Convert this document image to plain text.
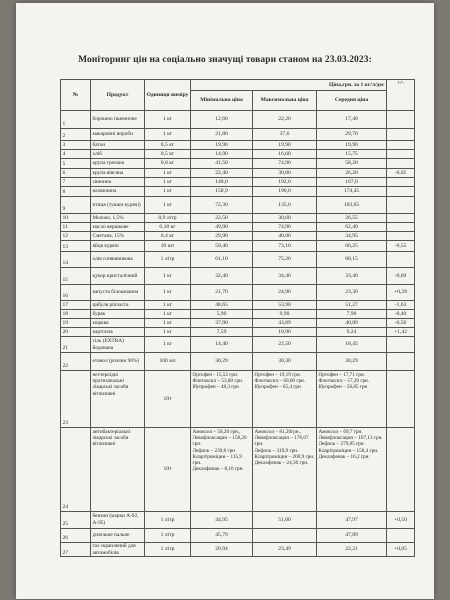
Моніторинг цін на соціально значущі товари станом на 23.03.2023:
№	Продукт	Одиниця виміру	Ціна,грн. за 1 кг/л/дес			+/-
			Мінімальна ціна	Максимальна ціна	Середня ціна	
1	борошно пшеничне	1 кг	12,60	22,20	17,40	
2	макаронні вироби	1 кг	21,80	37,6	29,70	
3	батон	0,5 кг	19,90	19,90	19,90	
4	хліб	0,5 кг	14,90	16,60	15,75	
5	крупа гречана	0,8 кг	41,50	74,90	58,20	
6	крупа вівсяна	1 кг	22,40	30,00	26,20	-0,05
7	свинина	1 кг	140,0	192,0	167,0	
8	яловичина	1 кг	158,9	190,0	174,45	
9	птиця (тушки курячі)	1 кг	72,30	135,0	103,65	
10	Молоко, 1,5%	0,9 літр	22,50	30,60	26,55	
11	масло вершкове	0,18 кг	49,90	74,90	62,40	
12	Сметана, 15%	0,4 кг	29,90	40,00	34,95	
13	яйця курячі	10 шт	59,40	73,10	66,25	-0,55
14	олія соняшникова	1 літр	61,10	75,20	68,15	
15	цукор кристалічний	1 кг	32,40	34,40	33,40	-0,60
16	капуста білокачанна	1 кг	21,70	24,90	23,30	+0,28
17	цибуля ріпчаста	1 кг	48,65	53,90	51,27	-1,63
18	буряк	1 кг	5,90	9,90	7,90	-0,40
19	морква	1 кг	37,90	43,89	40,89	-0,50
20	картопля	1 кг	7,59	10,90	9,24	+1,42
21	сіль (EXTRA) йодована	1 кг	14,40	22,50	18,45	
22	етанол (розчин 96%)	100 мл	30,29	30,30	30,29	
23	нестероїдні протизапальні лікарські засоби вітчизняні	10т	Ортофен - 15,52 грн.
Флогоксил – 53,80 грн.
Ібупрофен – 48,3 грн	Ортофен – 19,19 грн.
Флогоксил – 60,60 грн.
Ібупрофен – 65,4 грн	Ортофен – 17,71 грн.
Флогоксил – 57,20 грн.
Ібупрофен – 56,85 грн	
24	антибактеріальні лікарські засоби вітчизняні	10т	Амоксил – 58,20 грн.,
Левофлоксацин – 158,20 грн.
Лефлок – 239,8 грн
Кларітроміцин – 115,9 грн.
Деклофенак – 8,10 грн.	Амоксил – 81,20грн.,
Левофлоксацин – 176,07 грн.
Лефлок – 319,9 грн.
Кларітроміцин – 200,9 грн.
Деклофенак – 24,30 грн.	Амоксил – 69,7 грн.
Левофлоксацин – 167,13 грн.
Лефлок – 279,85 грн.
Кларітроміцин – 158,4 грн.
Деклофенак – 16,2 грн.	
25	бензин (марки А-92, А-95)	1 літр	44,95	51,00	47,97	+0,50
26	дизельне пальне	1 літр	45,79		47,89	
27	газ скраплений для автомобілів	1 літр	20,94	23,49	22,21	+0,05
